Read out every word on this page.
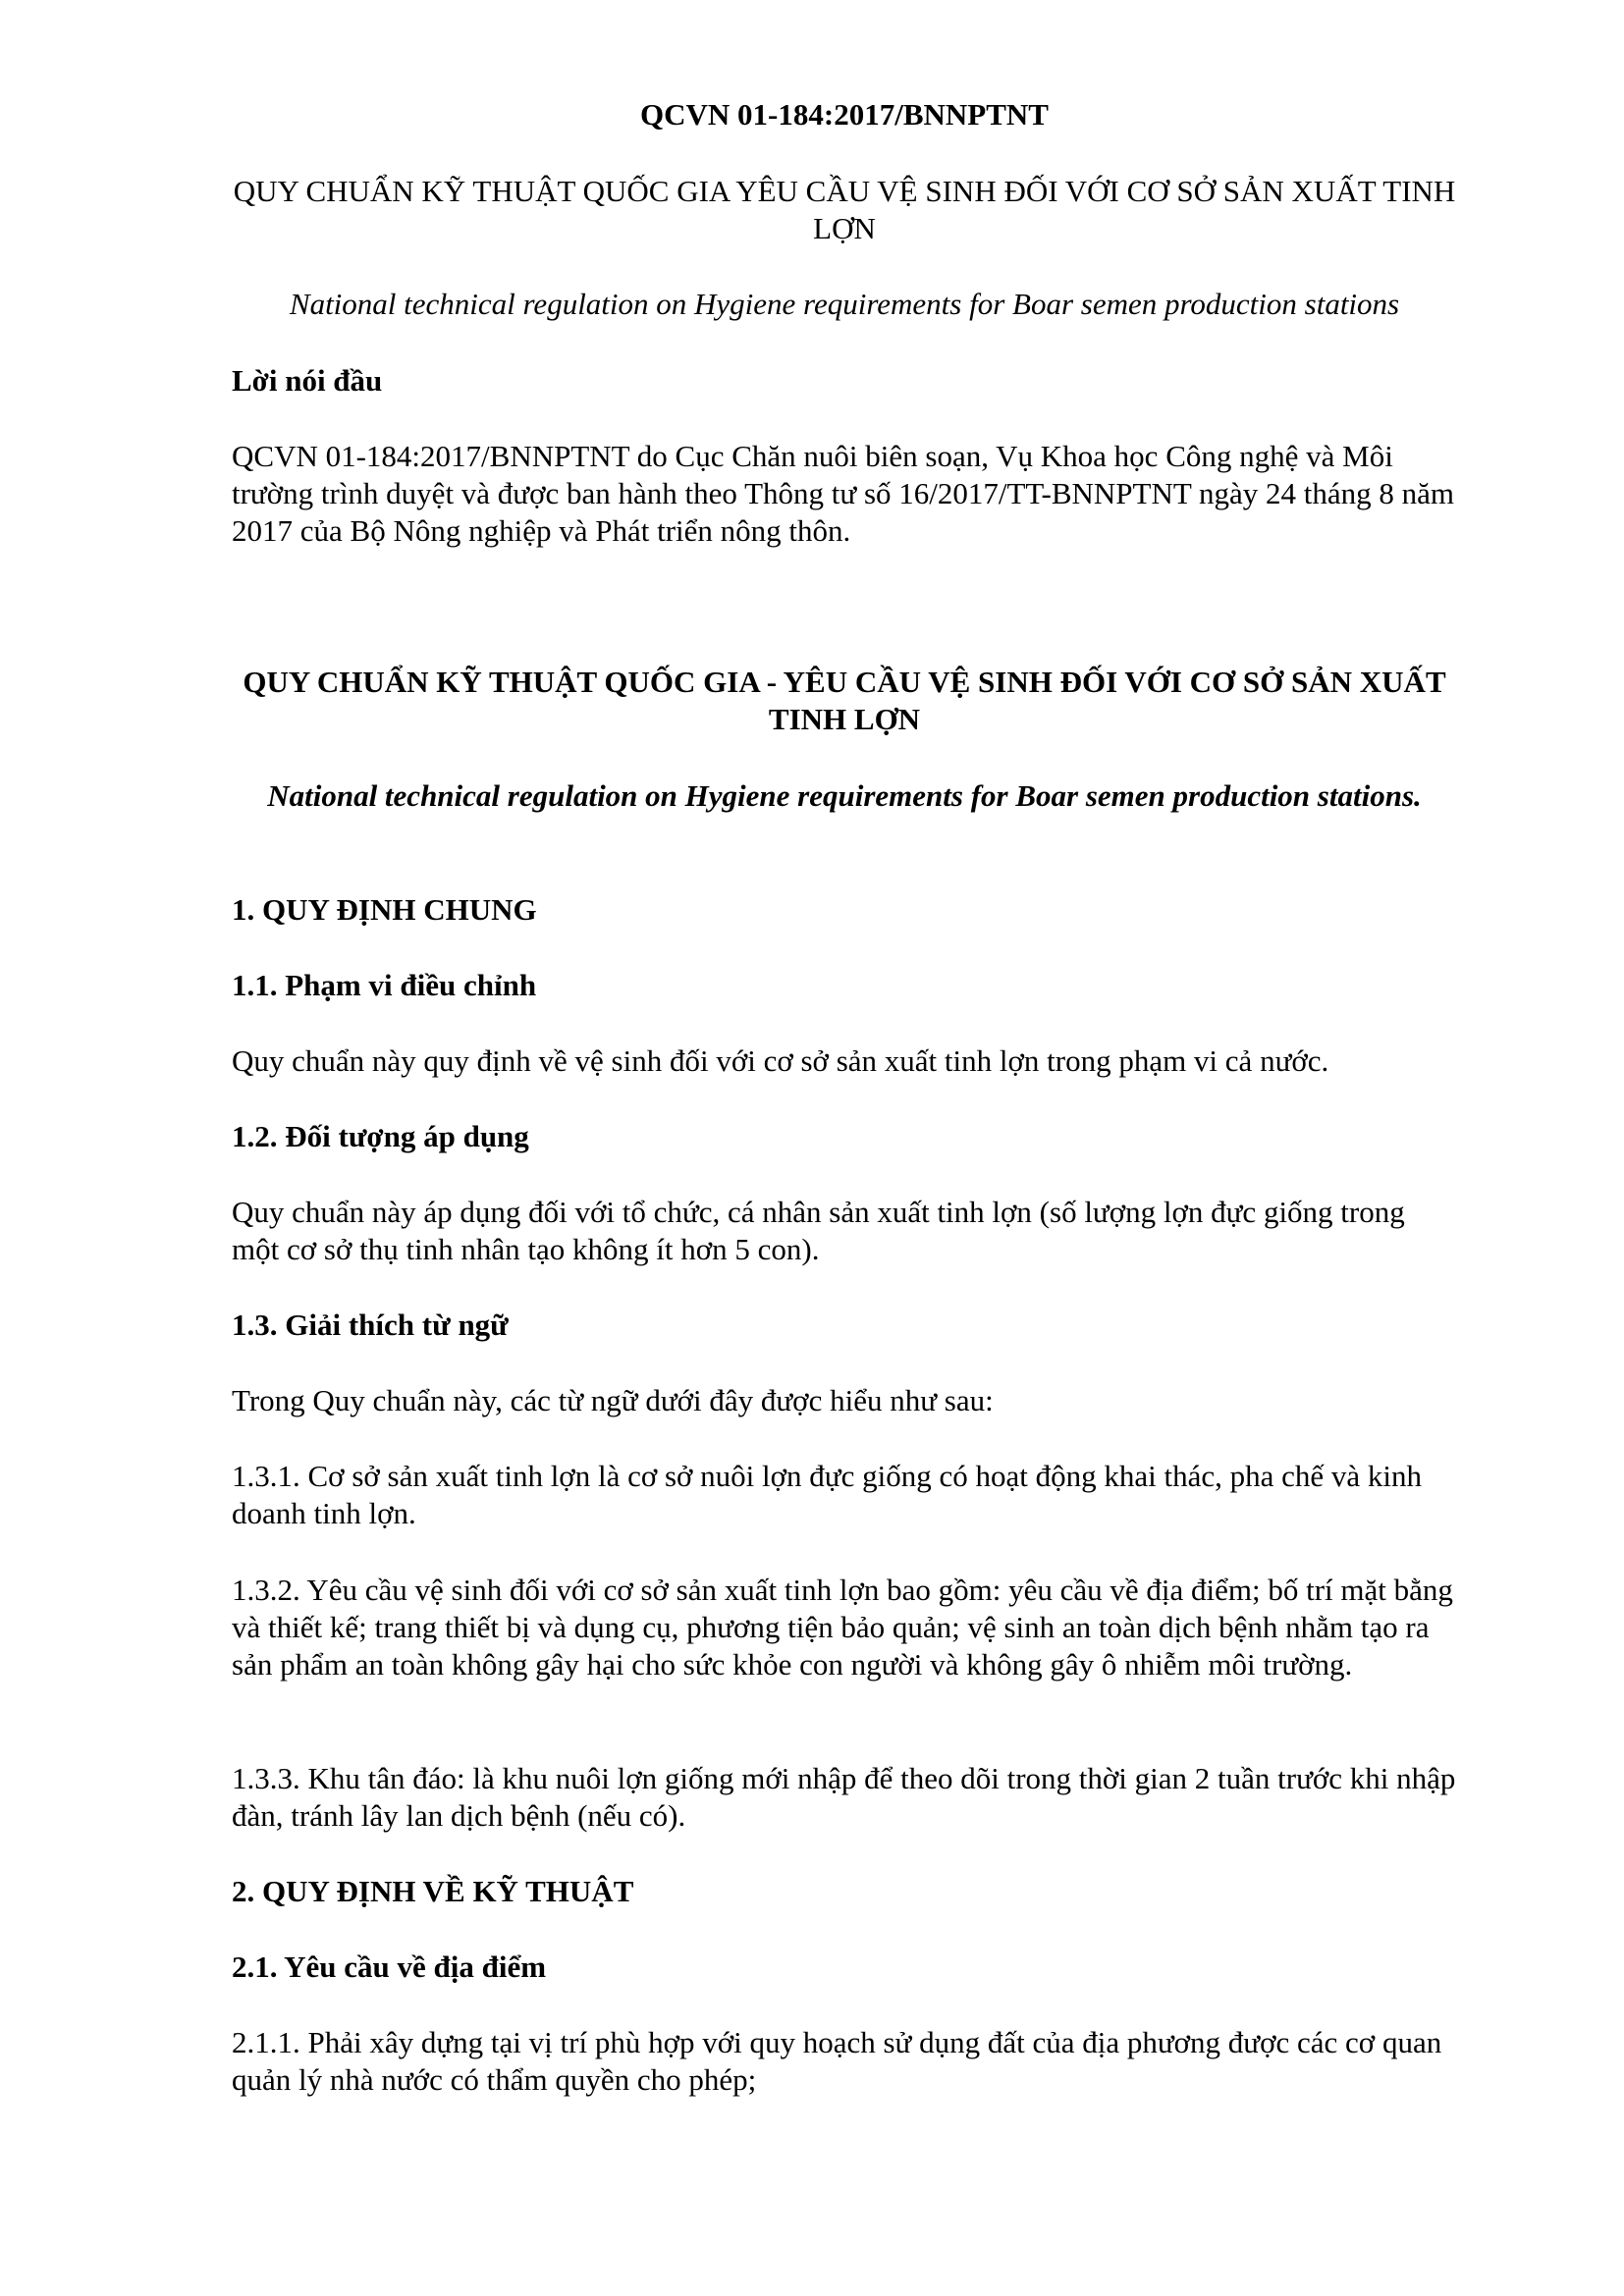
QCVN 01-184:2017/BNNPTNT

QUY CHUẨN KỸ THUẬT QUỐC GIA YÊU CẦU VỆ SINH ĐỐI VỚI CƠ SỞ SẢN XUẤT TINH LỢN

National technical regulation on Hygiene requirements for Boar semen production stations

Lời nói đầu

QCVN 01-184:2017/BNNPTNT do Cục Chăn nuôi biên soạn, Vụ Khoa học Công nghệ và Môi trường trình duyệt và được ban hành theo Thông tư số 16/2017/TT-BNNPTNT ngày 24 tháng 8 năm 2017 của Bộ Nông nghiệp và Phát triển nông thôn.

QUY CHUẨN KỸ THUẬT QUỐC GIA - YÊU CẦU VỆ SINH ĐỐI VỚI CƠ SỞ SẢN XUẤT TINH LỢN

National technical regulation on Hygiene requirements for Boar semen production stations.

1. QUY ĐỊNH CHUNG

1.1. Phạm vi điều chỉnh

Quy chuẩn này quy định về vệ sinh đối với cơ sở sản xuất tinh lợn trong phạm vi cả nước.

1.2. Đối tượng áp dụng

Quy chuẩn này áp dụng đối với tổ chức, cá nhân sản xuất tinh lợn (số lượng lợn đực giống trong một cơ sở thụ tinh nhân tạo không ít hơn 5 con).

1.3. Giải thích từ ngữ

Trong Quy chuẩn này, các từ ngữ dưới đây được hiểu như sau:

1.3.1. Cơ sở sản xuất tinh lợn là cơ sở nuôi lợn đực giống có hoạt động khai thác, pha chế và kinh doanh tinh lợn.

1.3.2. Yêu cầu vệ sinh đối với cơ sở sản xuất tinh lợn bao gồm: yêu cầu về địa điểm; bố trí mặt bằng và thiết kế; trang thiết bị và dụng cụ, phương tiện bảo quản; vệ sinh an toàn dịch bệnh nhằm tạo ra sản phẩm an toàn không gây hại cho sức khỏe con người và không gây ô nhiễm môi trường.

1.3.3. Khu tân đáo: là khu nuôi lợn giống mới nhập để theo dõi trong thời gian 2 tuần trước khi nhập đàn, tránh lây lan dịch bệnh (nếu có).

2. QUY ĐỊNH VỀ KỸ THUẬT

2.1. Yêu cầu về địa điểm

2.1.1. Phải xây dựng tại vị trí phù hợp với quy hoạch sử dụng đất của địa phương được các cơ quan quản lý nhà nước có thẩm quyền cho phép;
